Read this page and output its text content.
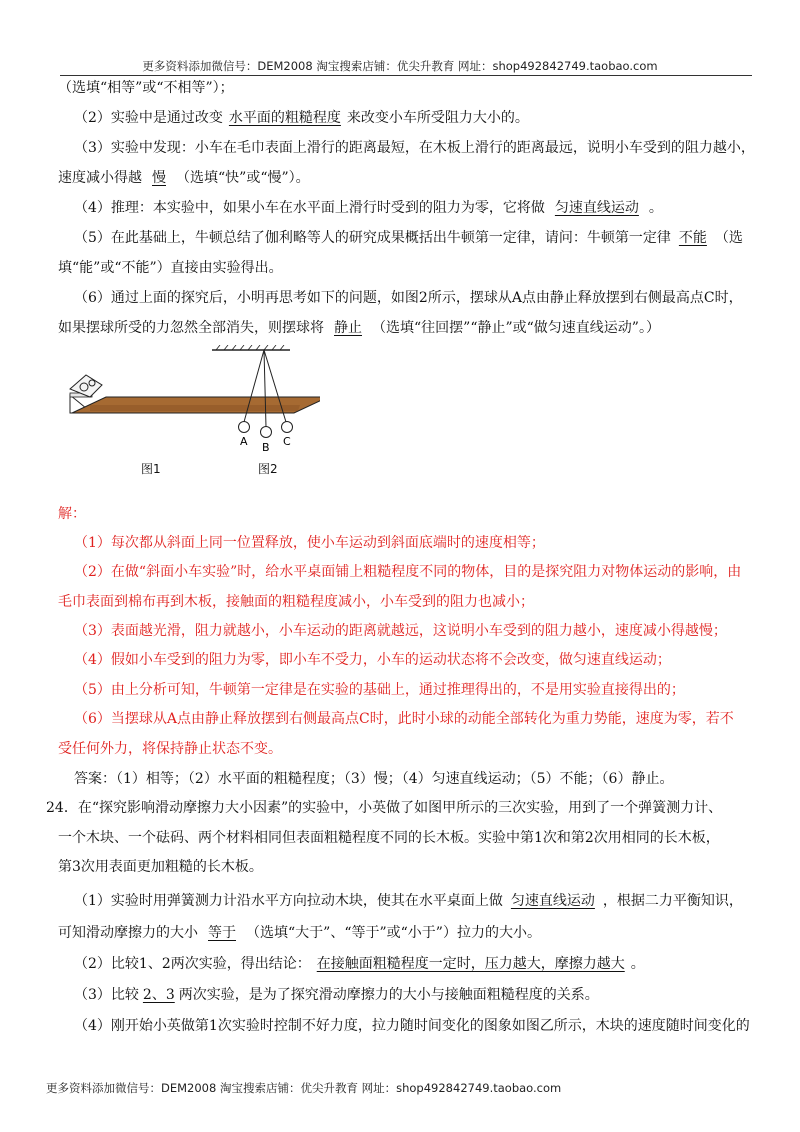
更多资料添加微信号：DEM2008 淘宝搜索店铺：优尖升教育 网址：shop492842749.taobao.com
（选填“相等”或“不相等”）；
（2）实验中是通过改变 水平面的粗糙程度 来改变小车所受阻力大小的。
（3）实验中发现：小车在毛巾表面上滑行的距离最短，在木板上滑行的距离最远，说明小车受到的阻力越小，
速度减小得越 慢 （选填“快”或“慢”）。
（4）推理：本实验中，如果小车在水平面上滑行时受到的阻力为零，它将做 匀速直线运动 。
（5）在此基础上，牛顿总结了伽利略等人的研究成果概括出牛顿第一定律，请问：牛顿第一定律 不能 （选
填“能”或“不能”）直接由实验得出。
（6）通过上面的探究后，小明再思考如下的问题，如图2所示，摆球从A点由静止释放摆到右侧最高点C时，
如果摆球所受的力忽然全部消失，则摆球将 静止 （选填“往回摆”“静止”或“做匀速直线运动”。）
A B C
图1	图2
解：
（1）每次都从斜面上同一位置释放，使小车运动到斜面底端时的速度相等；
（2）在做“斜面小车实验”时，给水平桌面铺上粗糙程度不同的物体，目的是探究阻力对物体运动的影响，由
毛巾表面到棉布再到木板，接触面的粗糙程度减小，小车受到的阻力也减小；
（3）表面越光滑，阻力就越小，小车运动的距离就越远，这说明小车受到的阻力越小，速度减小得越慢；
（4）假如小车受到的阻力为零，即小车不受力，小车的运动状态将不会改变，做匀速直线运动；
（5）由上分析可知，牛顿第一定律是在实验的基础上，通过推理得出的，不是用实验直接得出的；
（6）当摆球从A点由静止释放摆到右侧最高点C时，此时小球的动能全部转化为重力势能，速度为零，若不
受任何外力，将保持静止状态不变。
答案：（1）相等；（2）水平面的粗糙程度；（3）慢；（4）匀速直线运动；（5）不能；（6）静止。
24．在“探究影响滑动摩擦力大小因素”的实验中，小英做了如图甲所示的三次实验，用到了一个弹簧测力计、
一个木块、一个砝码、两个材料相同但表面粗糙程度不同的长木板。实验中第1次和第2次用相同的长木板，
第3次用表面更加粗糙的长木板。
（1）实验时用弹簧测力计沿水平方向拉动木块，使其在水平桌面上做 匀速直线运动 ，根据二力平衡知识，
可知滑动摩擦力的大小 等于 （选填“大于”、“等于”或“小于”）拉力的大小。
（2）比较1、2两次实验，得出结论： 在接触面粗糙程度一定时，压力越大，摩擦力越大 。
（3）比较 2、3 两次实验，是为了探究滑动摩擦力的大小与接触面粗糙程度的关系。
（4）刚开始小英做第1次实验时控制不好力度，拉力随时间变化的图象如图乙所示，木块的速度随时间变化的
更多资料添加微信号：DEM2008 淘宝搜索店铺：优尖升教育 网址：shop492842749.taobao.com
